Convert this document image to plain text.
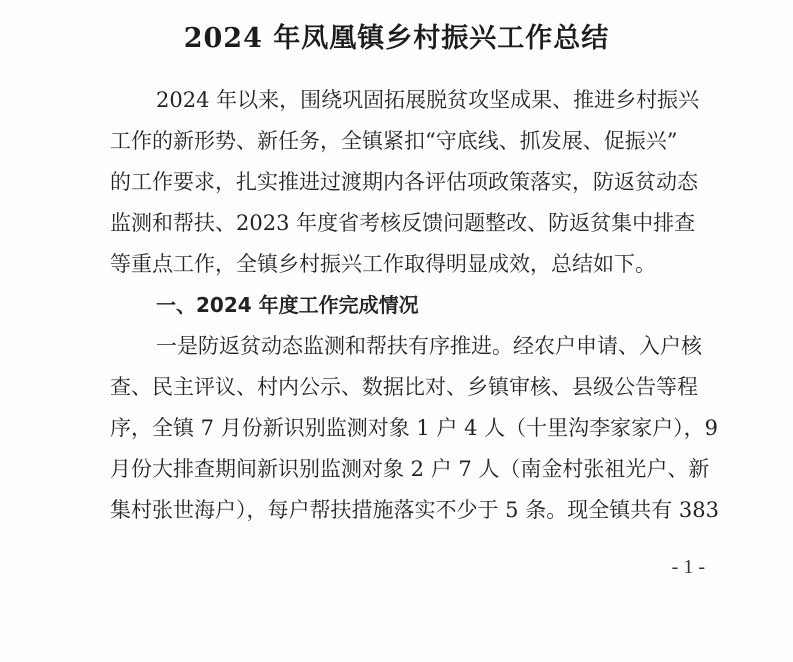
2024 年凤凰镇乡村振兴工作总结
2024 年以来，围绕巩固拓展脱贫攻坚成果、推进乡村振兴
工作的新形势、新任务，全镇紧扣“守底线、抓发展、促振兴”
的工作要求，扎实推进过渡期内各评估项政策落实，防返贫动态
监测和帮扶、2023 年度省考核反馈问题整改、防返贫集中排查
等重点工作，全镇乡村振兴工作取得明显成效，总结如下。
一、2024 年度工作完成情况
一是防返贫动态监测和帮扶有序推进。经农户申请、入户核
查、民主评议、村内公示、数据比对、乡镇审核、县级公告等程
序，全镇 7 月份新识别监测对象 1 户 4 人（十里沟李家家户），9
月份大排查期间新识别监测对象 2 户 7 人（南金村张祖光户、新
集村张世海户），每户帮扶措施落实不少于 5 条。现全镇共有 383
- 1 -
